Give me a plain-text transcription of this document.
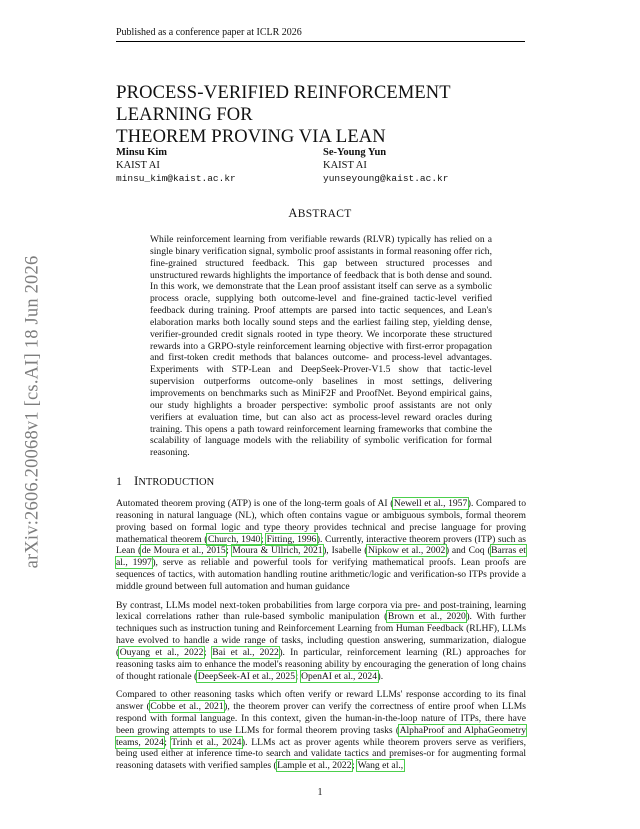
Published as a conference paper at ICLR 2026
PROCESS-VERIFIED REINFORCEMENT LEARNING FOR
THEOREM PROVING VIA LEAN
Minsu Kim
KAIST AI
minsu_kim@kaist.ac.kr
Se-Young Yun
KAIST AI
yunseyoung@kaist.ac.kr
ABSTRACT
While reinforcement learning from verifiable rewards (RLVR) typically has relied on a single binary verification signal, symbolic proof assistants in formal reasoning offer rich, fine-grained structured feedback. This gap between structured processes and unstructured rewards highlights the importance of feedback that is both dense and sound. In this work, we demonstrate that the Lean proof assistant itself can serve as a symbolic process oracle, supplying both outcome-level and fine-grained tactic-level verified feedback during training. Proof attempts are parsed into tactic sequences, and Lean's elaboration marks both locally sound steps and the earliest failing step, yielding dense, verifier-grounded credit signals rooted in type theory. We incorporate these structured rewards into a GRPO-style reinforcement learning objective with first-error propagation and first-token credit methods that balances outcome- and process-level advantages. Experiments with STP-Lean and DeepSeek-Prover-V1.5 show that tactic-level supervision outperforms outcome-only baselines in most settings, delivering improvements on benchmarks such as MiniF2F and ProofNet. Beyond empirical gains, our study highlights a broader perspective: symbolic proof assistants are not only verifiers at evaluation time, but can also act as process-level reward oracles during training. This opens a path toward reinforcement learning frameworks that combine the scalability of language models with the reliability of symbolic verification for formal reasoning.
1 INTRODUCTION

Automated theorem proving (ATP) is one of the long-term goals of AI (Newell et al., 1957). Compared to reasoning in natural language (NL), which often contains vague or ambiguous symbols, formal theorem proving based on formal logic and type theory provides technical and precise language for proving mathematical theorem (Church, 1940; Fitting, 1996). Currently, interactive theorem provers (ITP) such as Lean (de Moura et al., 2015; Moura & Ullrich, 2021), Isabelle (Nipkow et al., 2002) and Coq (Barras et al., 1997), serve as reliable and powerful tools for verifying mathematical proofs. Lean proofs are sequences of tactics, with automation handling routine arithmetic/logic and verification-so ITPs provide a middle ground between full automation and human guidance

By contrast, LLMs model next-token probabilities from large corpora via pre- and post-training, learning lexical correlations rather than rule-based symbolic manipulation (Brown et al., 2020). With further techniques such as instruction tuning and Reinforcement Learning from Human Feedback (RLHF), LLMs have evolved to handle a wide range of tasks, including question answering, summarization, dialogue (Ouyang et al., 2022; Bai et al., 2022). In particular, reinforcement learning (RL) approaches for reasoning tasks aim to enhance the model's reasoning ability by encouraging the generation of long chains of thought rationale (DeepSeek-AI et al., 2025; OpenAI et al., 2024).

Compared to other reasoning tasks which often verify or reward LLMs' response according to its final answer (Cobbe et al., 2021), the theorem prover can verify the correctness of entire proof when LLMs respond with formal language. In this context, given the human-in-the-loop nature of ITPs, there have been growing attempts to use LLMs for formal theorem proving tasks (AlphaProof and AlphaGeometry teams, 2024; Trinh et al., 2024). LLMs act as prover agents while theorem provers serve as verifiers, being used either at inference time-to search and validate tactics and premises-or for augmenting formal reasoning datasets with verified samples (Lample et al., 2022; Wang et al.,

arXiv:2606.20068v1 [cs.AI] 18 Jun 2026
1
